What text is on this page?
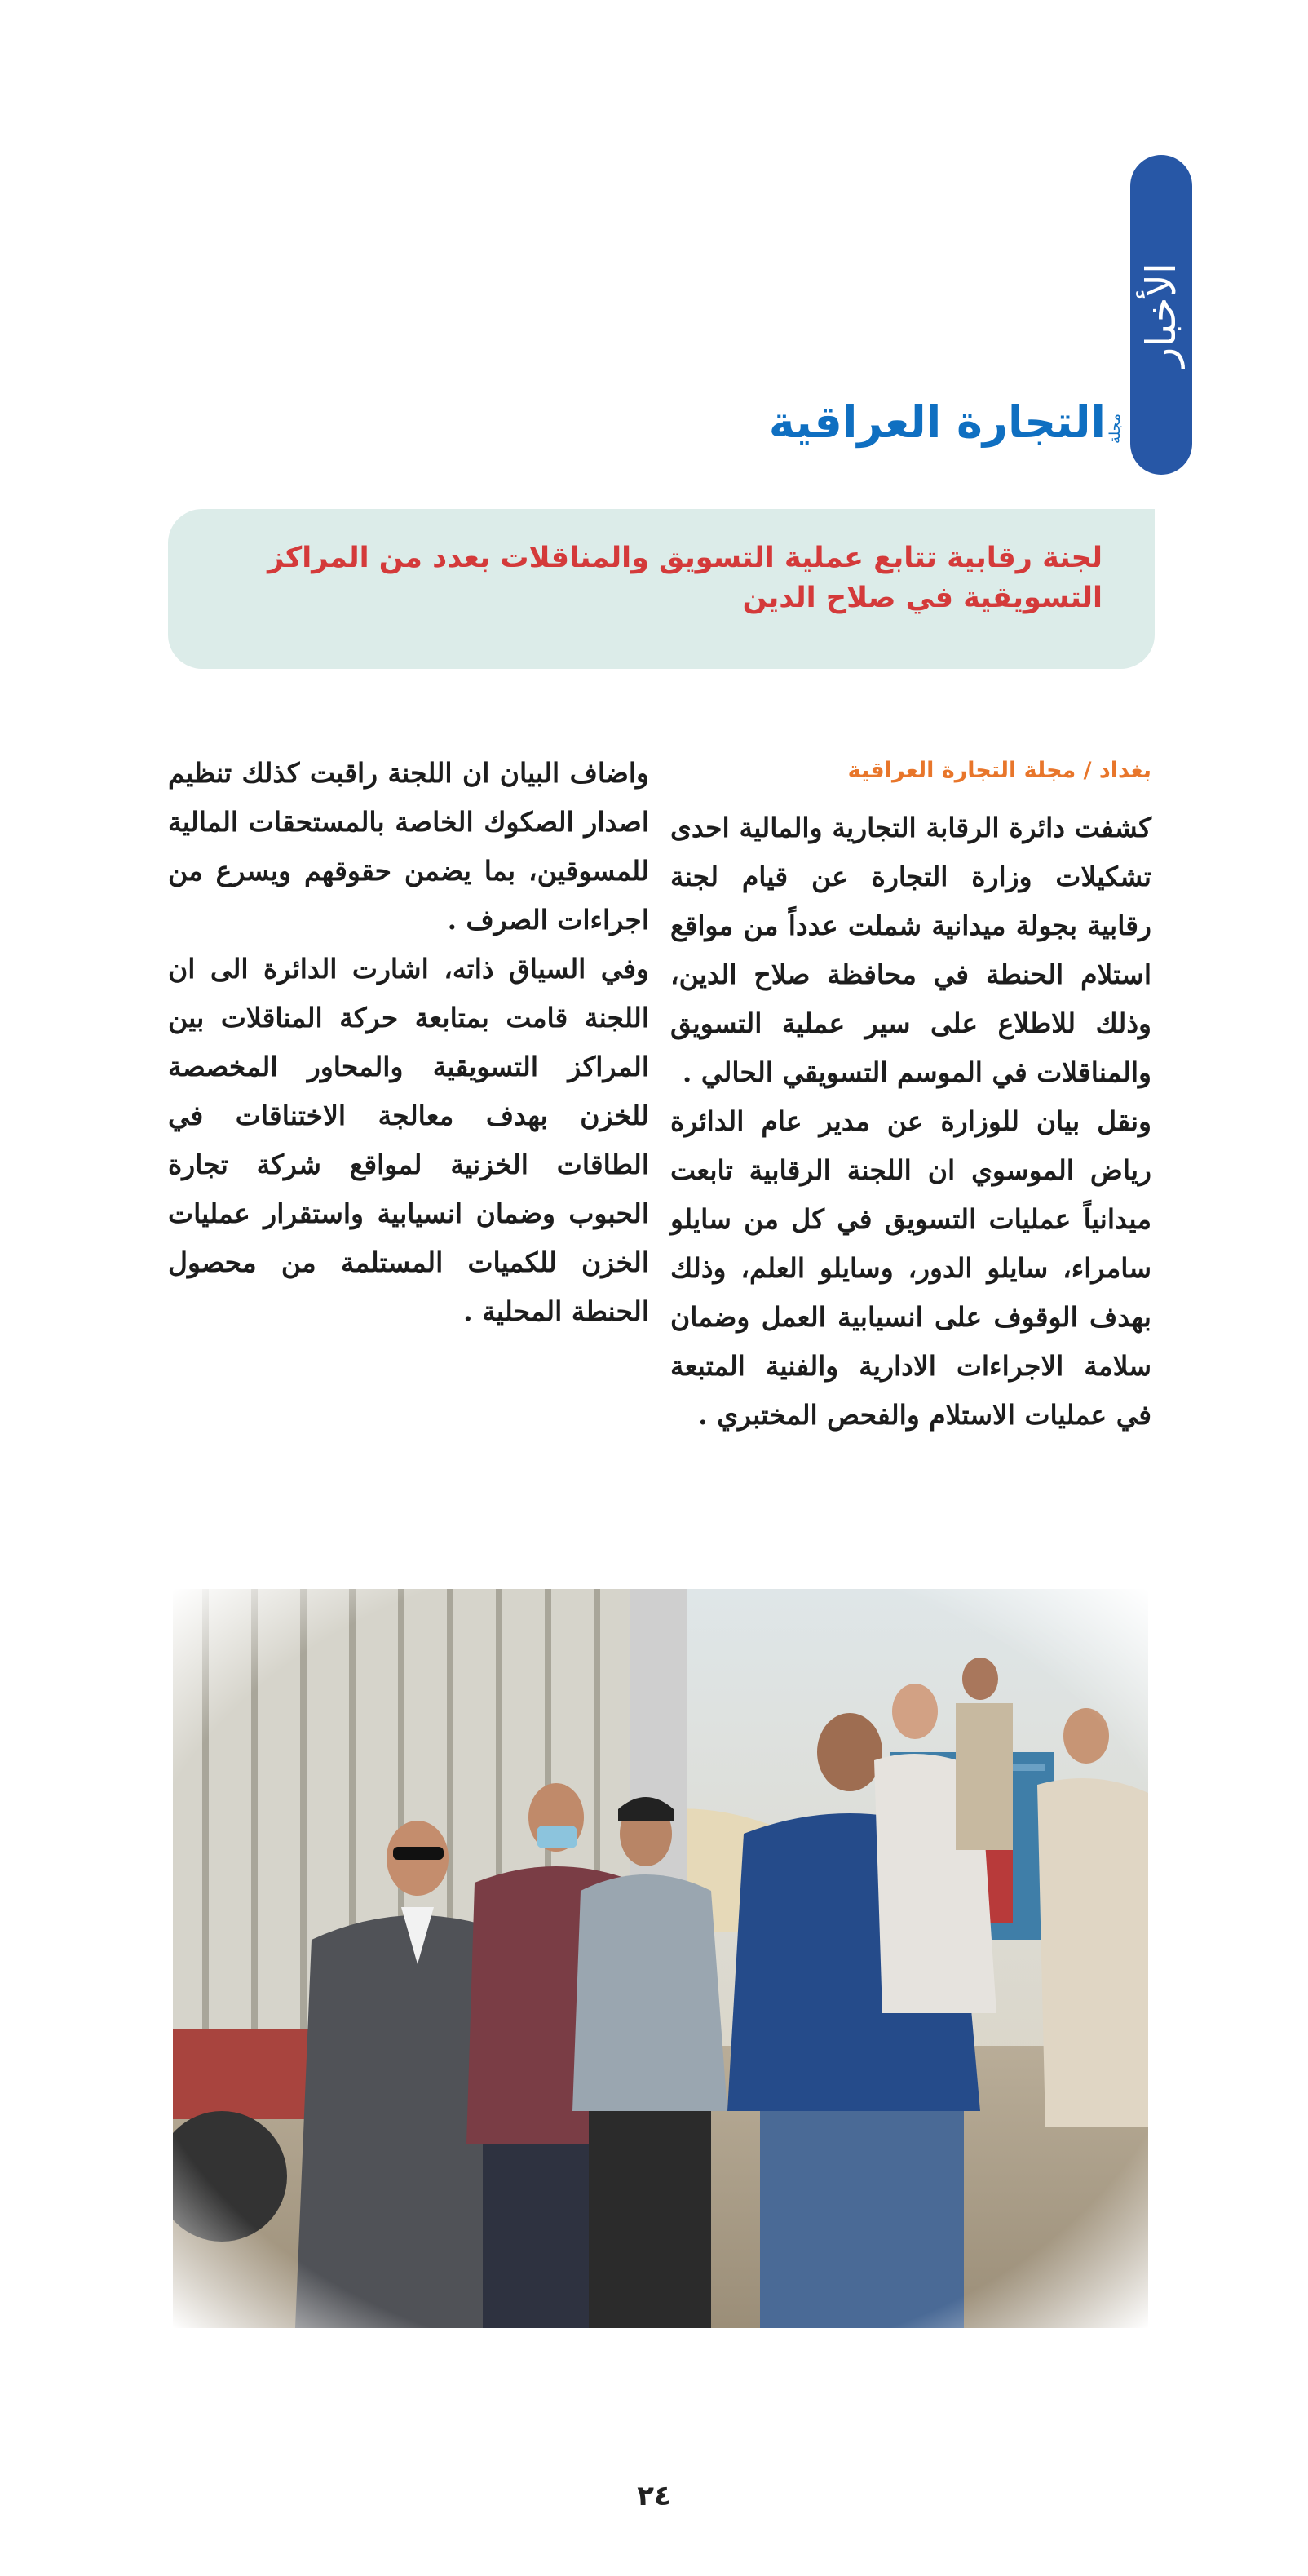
الأخبار
التجارة العراقية مجلة
لجنة رقابية تتابع عملية التسويق والمناقلات بعدد من المراكز التسويقية في صلاح الدين
بغداد / مجلة التجارة العراقية

كشفت دائرة الرقابة التجارية والمالية احدى تشكيلات وزارة التجارة عن قيام لجنة رقابية بجولة ميدانية شملت عدداً من مواقع استلام الحنطة في محافظة صلاح الدين، وذلك للاطلاع على سير عملية التسويق والمناقلات في الموسم التسويقي الحالي .

ونقل بيان للوزارة عن مدير عام الدائرة رياض الموسوي ان اللجنة الرقابية تابعت ميدانياً عمليات التسويق في كل من سايلو سامراء، سايلو الدور، وسايلو العلم، وذلك بهدف الوقوف على انسيابية العمل وضمان سلامة الاجراءات الادارية والفنية المتبعة في عمليات الاستلام والفحص المختبري .

واضاف البيان ان اللجنة راقبت كذلك تنظيم اصدار الصكوك الخاصة بالمستحقات المالية للمسوقين، بما يضمن حقوقهم ويسرع من اجراءات الصرف .

وفي السياق ذاته، اشارت الدائرة الى ان اللجنة قامت بمتابعة حركة المناقلات بين المراكز التسويقية والمحاور المخصصة للخزن بهدف معالجة الاختناقات في الطاقات الخزنية لمواقع شركة تجارة الحبوب وضمان انسيابية واستقرار عمليات الخزن للكميات المستلمة من محصول الحنطة المحلية .

٢٤
